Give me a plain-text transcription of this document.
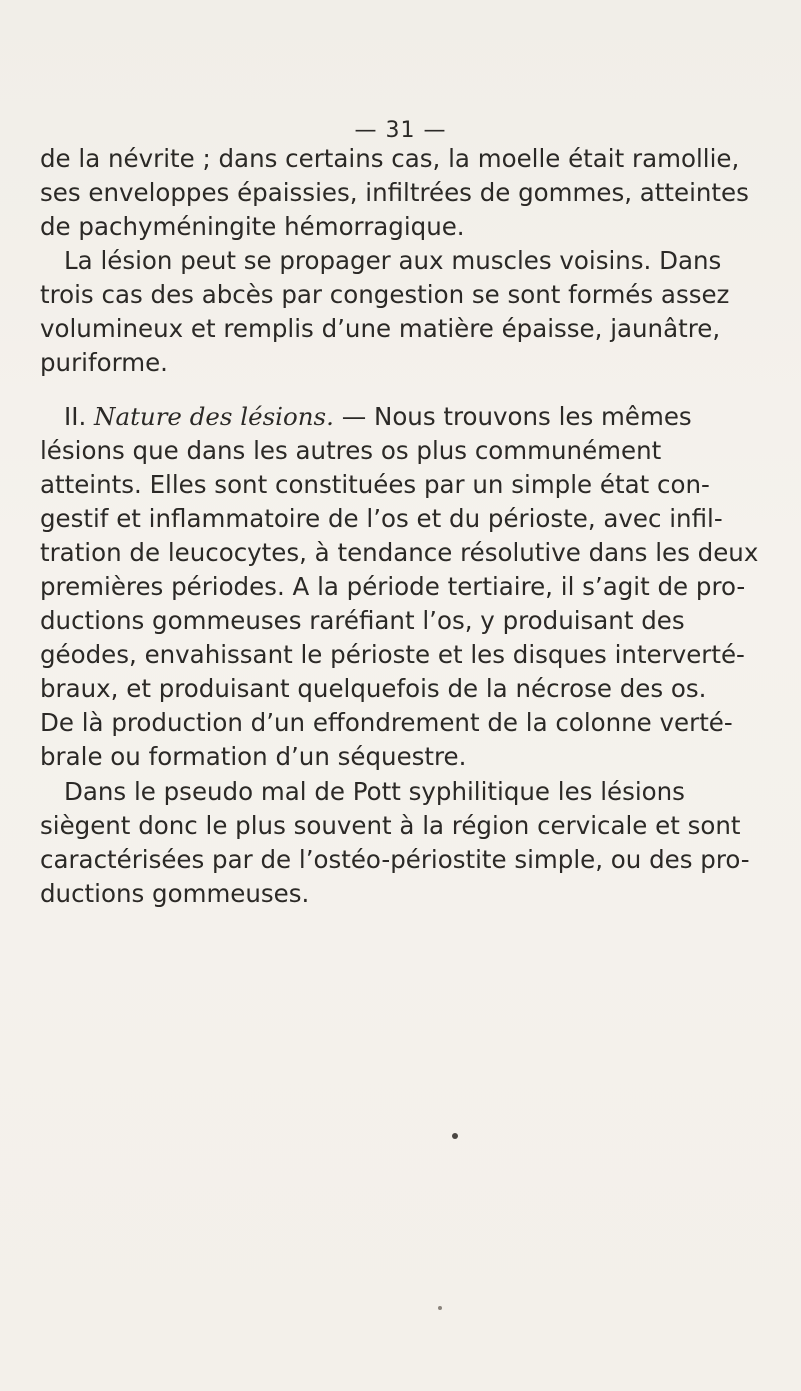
— 31 —
de la névrite ; dans certains cas, la moelle était ramollie,
ses enveloppes épaissies, infiltrées de gommes, atteintes
de pachyméningite hémorragique.
La lésion peut se propager aux muscles voisins. Dans
trois cas des abcès par congestion se sont formés assez
volumineux et remplis d’une matière épaisse, jaunâtre,
puriforme.
II. Nature des lésions. — Nous trouvons les mêmes
lésions que dans les autres os plus communément
atteints. Elles sont constituées par un simple état con-
gestif et inflammatoire de l’os et du périoste, avec infil-
tration de leucocytes, à tendance résolutive dans les deux
premières périodes. A la période tertiaire, il s’agit de pro-
ductions gommeuses raréfiant l’os, y produisant des
géodes, envahissant le périoste et les disques interverté-
braux, et produisant quelquefois de la nécrose des os.
De là production d’un effondrement de la colonne verté-
brale ou formation d’un séquestre.
Dans le pseudo mal de Pott syphilitique les lésions
siègent donc le plus souvent à la région cervicale et sont
caractérisées par de l’ostéo-périostite simple, ou des pro-
ductions gommeuses.
